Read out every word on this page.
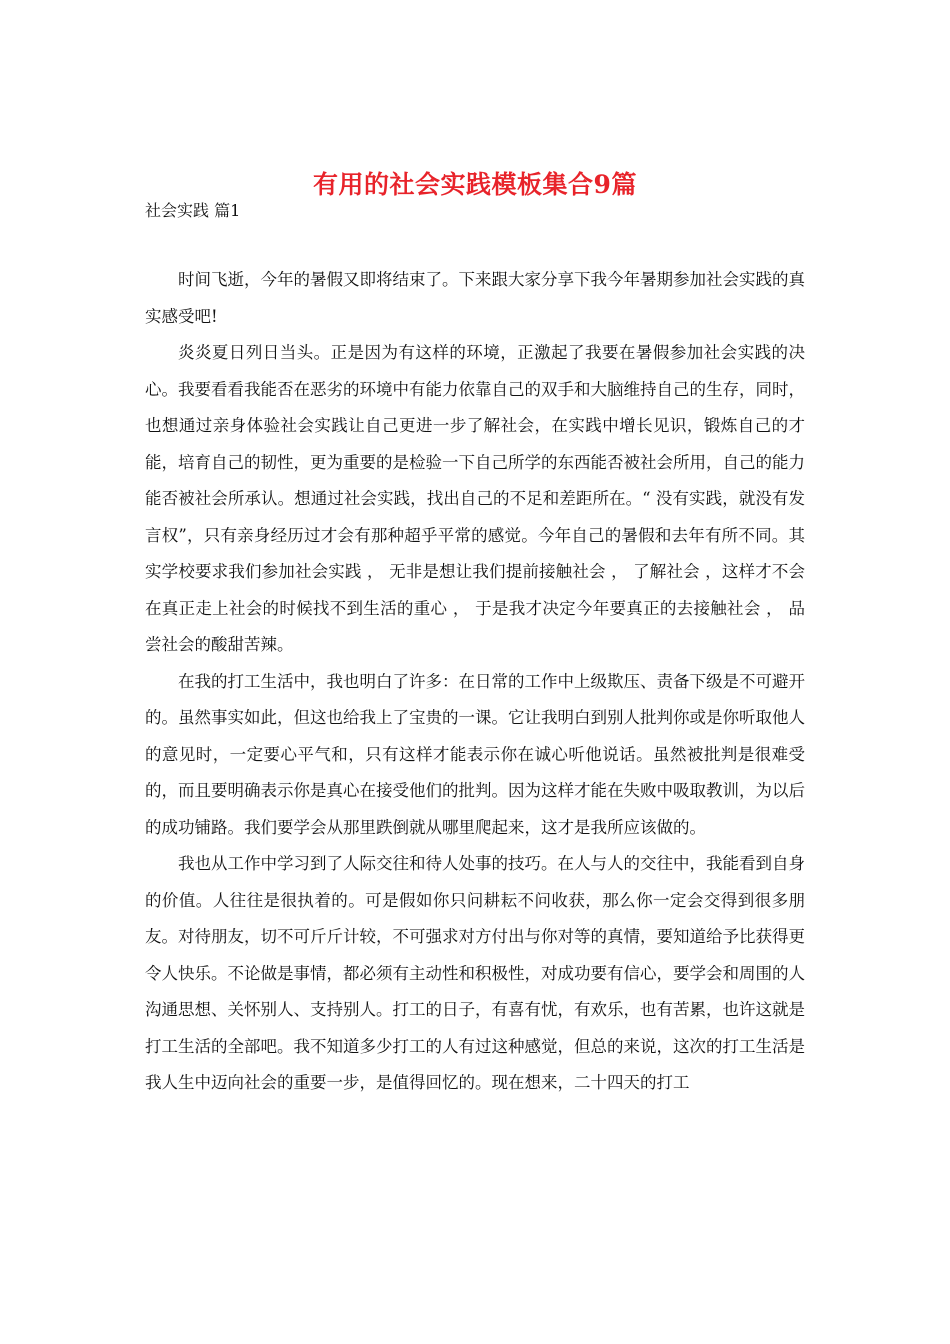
有用的社会实践模板集合9篇
社会实践 篇1

时间飞逝，今年的暑假又即将结束了。下来跟大家分享下我今年暑期参加社会实践的真实感受吧!

炎炎夏日列日当头。正是因为有这样的环境，正激起了我要在暑假参加社会实践的决心。我要看看我能否在恶劣的环境中有能力依靠自己的双手和大脑维持自己的生存，同时，也想通过亲身体验社会实践让自己更进一步了解社会，在实践中增长见识，锻炼自己的才能，培育自己的韧性，更为重要的是检验一下自己所学的东西能否被社会所用，自己的能力能否被社会所承认。想通过社会实践，找出自己的不足和差距所在。“ 没有实践，就没有发言权”，只有亲身经历过才会有那种超乎平常的感觉。今年自己的暑假和去年有所不同。其实学校要求我们参加社会实践 ， 无非是想让我们提前接触社会 ， 了解社会 ，这样才不会在真正走上社会的时候找不到生活的重心 ， 于是我才决定今年要真正的去接触社会 ， 品尝社会的酸甜苦辣。

在我的打工生活中，我也明白了许多：在日常的工作中上级欺压、责备下级是不可避开的。虽然事实如此，但这也给我上了宝贵的一课。它让我明白到别人批判你或是你听取他人的意见时，一定要心平气和，只有这样才能表示你在诚心听他说话。虽然被批判是很难受的，而且要明确表示你是真心在接受他们的批判。因为这样才能在失败中吸取教训，为以后的成功铺路。我们要学会从那里跌倒就从哪里爬起来，这才是我所应该做的。

我也从工作中学习到了人际交往和待人处事的技巧。在人与人的交往中，我能看到自身的价值。人往往是很执着的。可是假如你只问耕耘不问收获，那么你一定会交得到很多朋友。对待朋友，切不可斤斤计较，不可强求对方付出与你对等的真情，要知道给予比获得更令人快乐。不论做是事情，都必须有主动性和积极性，对成功要有信心，要学会和周围的人沟通思想、关怀别人、支持别人。打工的日子，有喜有忧，有欢乐，也有苦累，也许这就是打工生活的全部吧。我不知道多少打工的人有过这种感觉，但总的来说，这次的打工生活是我人生中迈向社会的重要一步，是值得回忆的。现在想来，二十四天的打工
